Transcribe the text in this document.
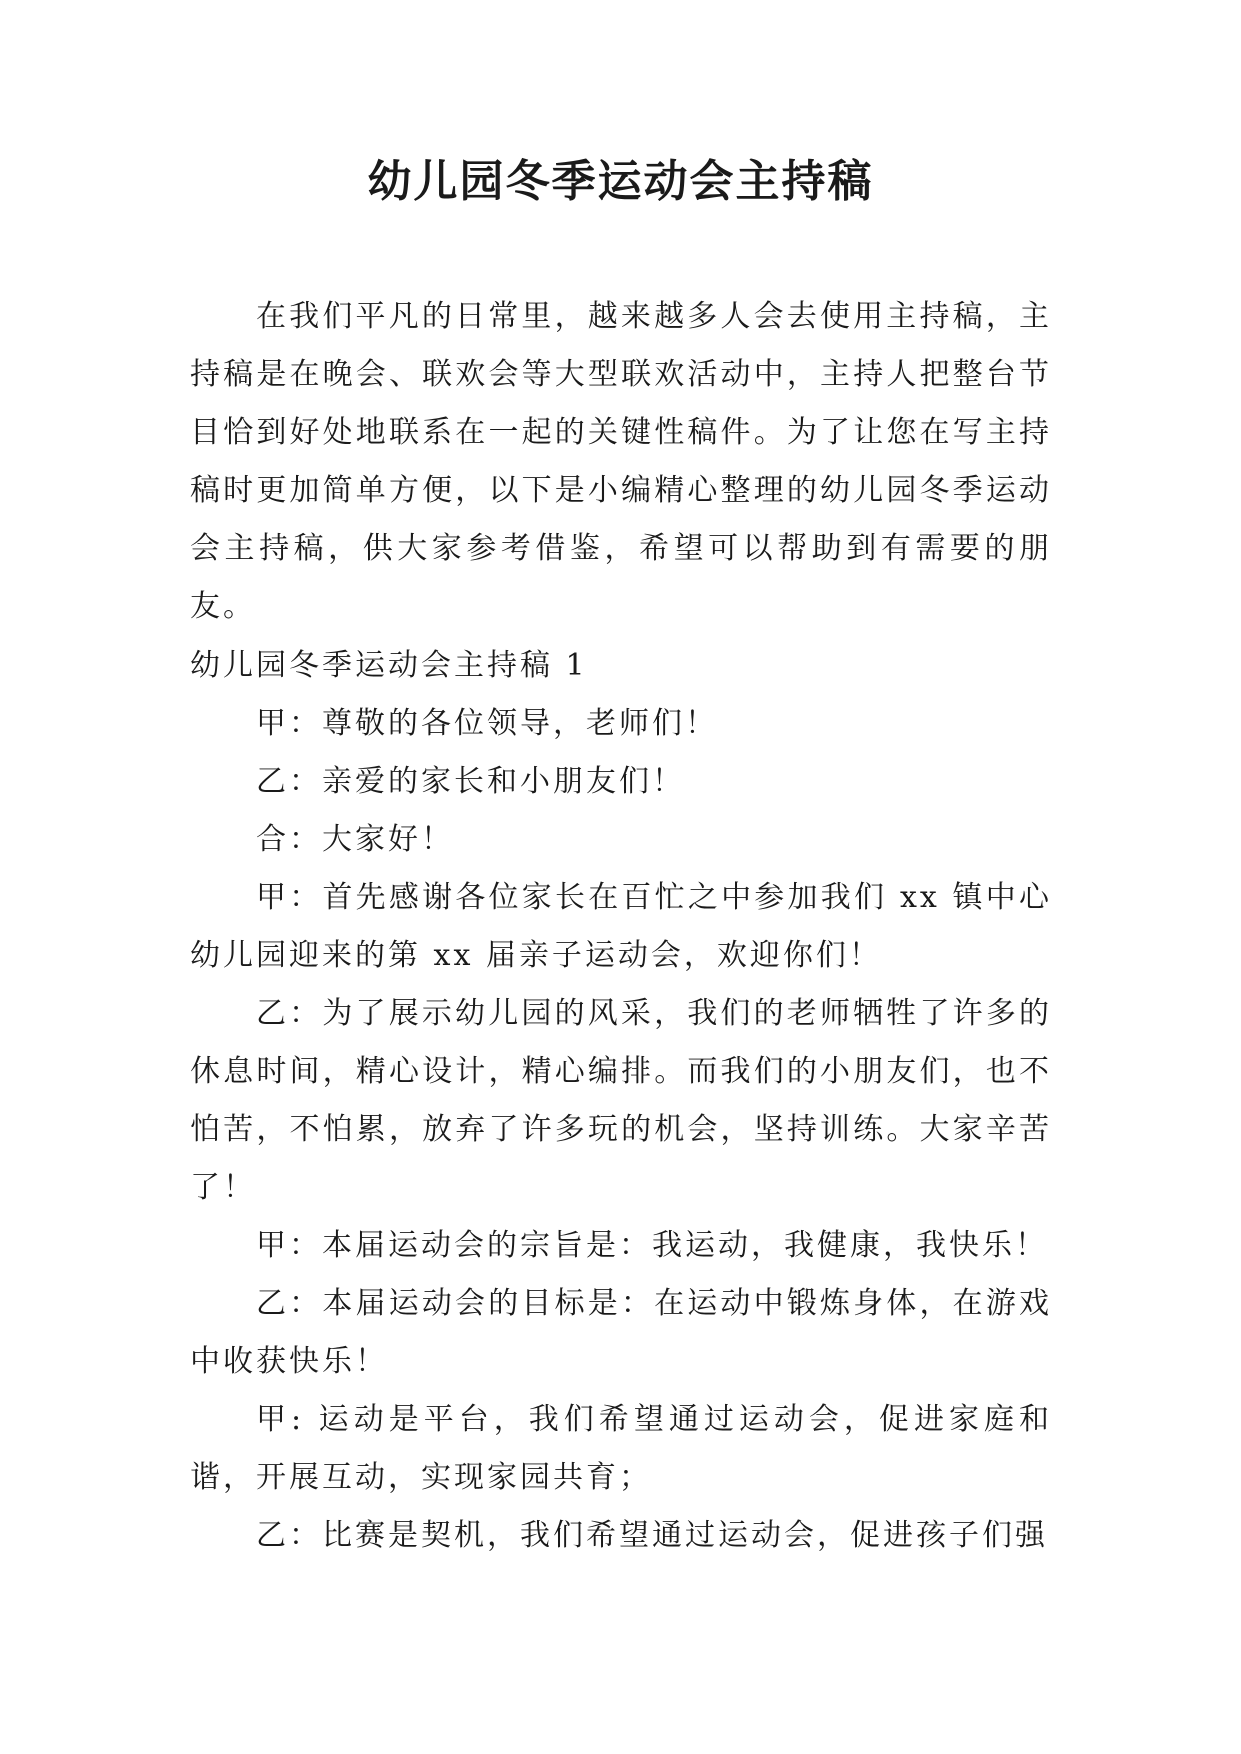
幼儿园冬季运动会主持稿

在我们平凡的日常里，越来越多人会去使用主持稿，主持稿是在晚会、联欢会等大型联欢活动中，主持人把整台节目恰到好处地联系在一起的关键性稿件。为了让您在写主持稿时更加简单方便，以下是小编精心整理的幼儿园冬季运动会主持稿，供大家参考借鉴，希望可以帮助到有需要的朋友。

幼儿园冬季运动会主持稿 1

甲：尊敬的各位领导，老师们！

乙：亲爱的家长和小朋友们！

合：大家好！

甲：首先感谢各位家长在百忙之中参加我们 xx 镇中心幼儿园迎来的第 xx 届亲子运动会，欢迎你们！

乙：为了展示幼儿园的风采，我们的老师牺牲了许多的休息时间，精心设计，精心编排。而我们的小朋友们，也不怕苦，不怕累，放弃了许多玩的机会，坚持训练。大家辛苦了！

甲：本届运动会的宗旨是：我运动，我健康，我快乐！

乙：本届运动会的目标是：在运动中锻炼身体，在游戏中收获快乐！

甲: 运动是平台，我们希望通过运动会，促进家庭和谐，开展互动，实现家园共育；

乙：比赛是契机，我们希望通过运动会，促进孩子们强
